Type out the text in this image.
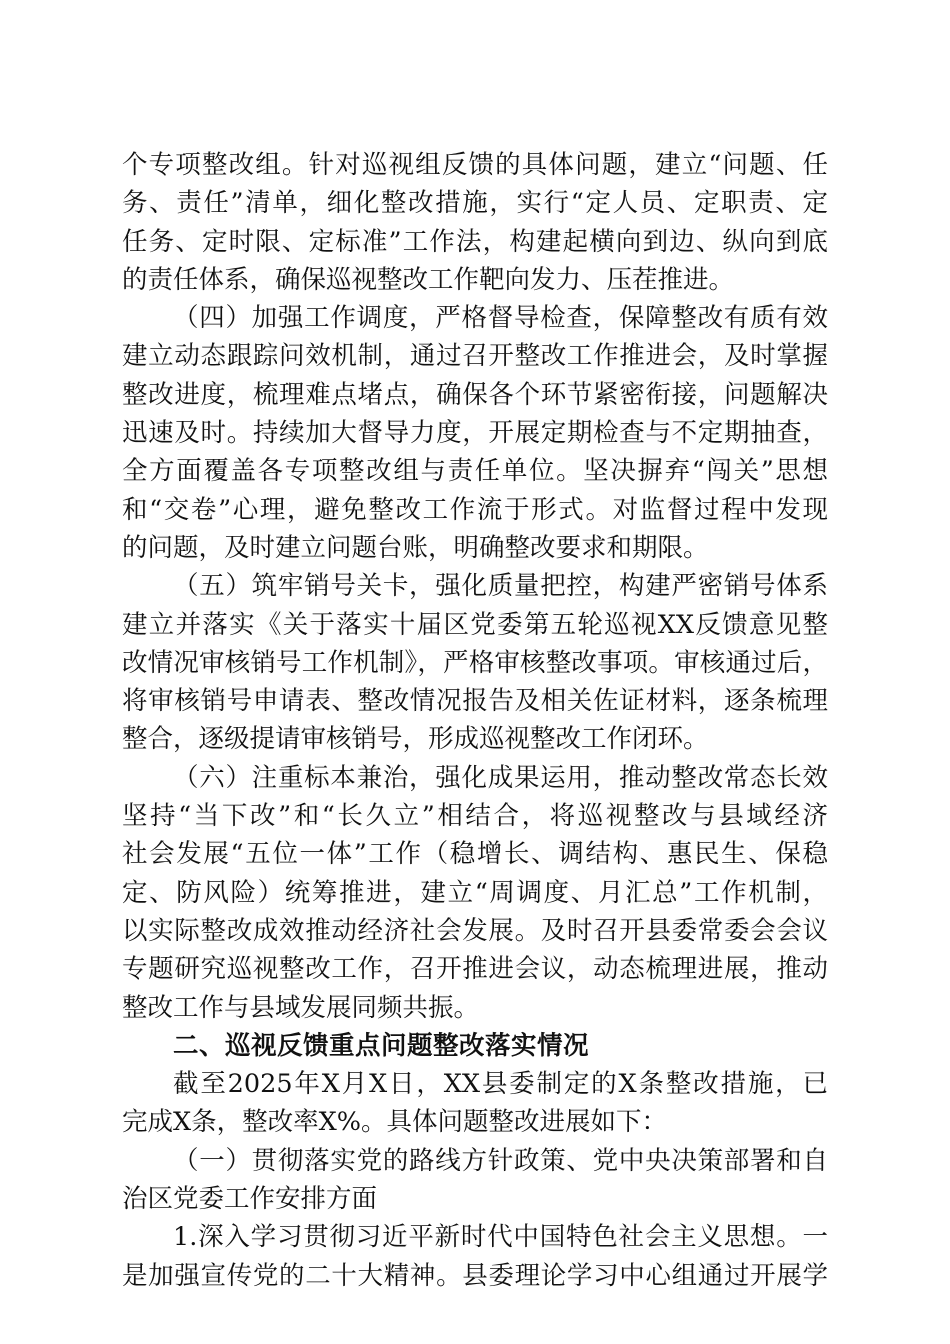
个专项整改组。针对巡视组反馈的具体问题，建立“问题、任
务、责任”清单，细化整改措施，实行“定人员、定职责、定
任务、定时限、定标准”工作法，构建起横向到边、纵向到底
的责任体系，确保巡视整改工作靶向发力、压茬推进。
（四）加强工作调度，严格督导检查，保障整改有质有效
建立动态跟踪问效机制，通过召开整改工作推进会，及时掌握
整改进度，梳理难点堵点，确保各个环节紧密衔接，问题解决
迅速及时。持续加大督导力度，开展定期检查与不定期抽查，
全方面覆盖各专项整改组与责任单位。坚决摒弃“闯关”思想
和“交卷”心理，避免整改工作流于形式。对监督过程中发现
的问题，及时建立问题台账，明确整改要求和期限。
（五）筑牢销号关卡，强化质量把控，构建严密销号体系
建立并落实《关于落实十届区党委第五轮巡视XX反馈意见整
改情况审核销号工作机制》，严格审核整改事项。审核通过后，
将审核销号申请表、整改情况报告及相关佐证材料，逐条梳理
整合，逐级提请审核销号，形成巡视整改工作闭环。
（六）注重标本兼治，强化成果运用，推动整改常态长效
坚持“当下改”和“长久立”相结合，将巡视整改与县域经济
社会发展“五位一体”工作（稳增长、调结构、惠民生、保稳
定、防风险）统筹推进，建立“周调度、月汇总”工作机制，
以实际整改成效推动经济社会发展。及时召开县委常委会会议
专题研究巡视整改工作，召开推进会议，动态梳理进展，推动
整改工作与县域发展同频共振。
二、巡视反馈重点问题整改落实情况
截至2025年X月X日，XX县委制定的X条整改措施，已
完成X条，整改率X%。具体问题整改进展如下：
（一）贯彻落实党的路线方针政策、党中央决策部署和自
治区党委工作安排方面
1.深入学习贯彻习近平新时代中国特色社会主义思想。一
是加强宣传党的二十大精神。县委理论学习中心组通过开展学
